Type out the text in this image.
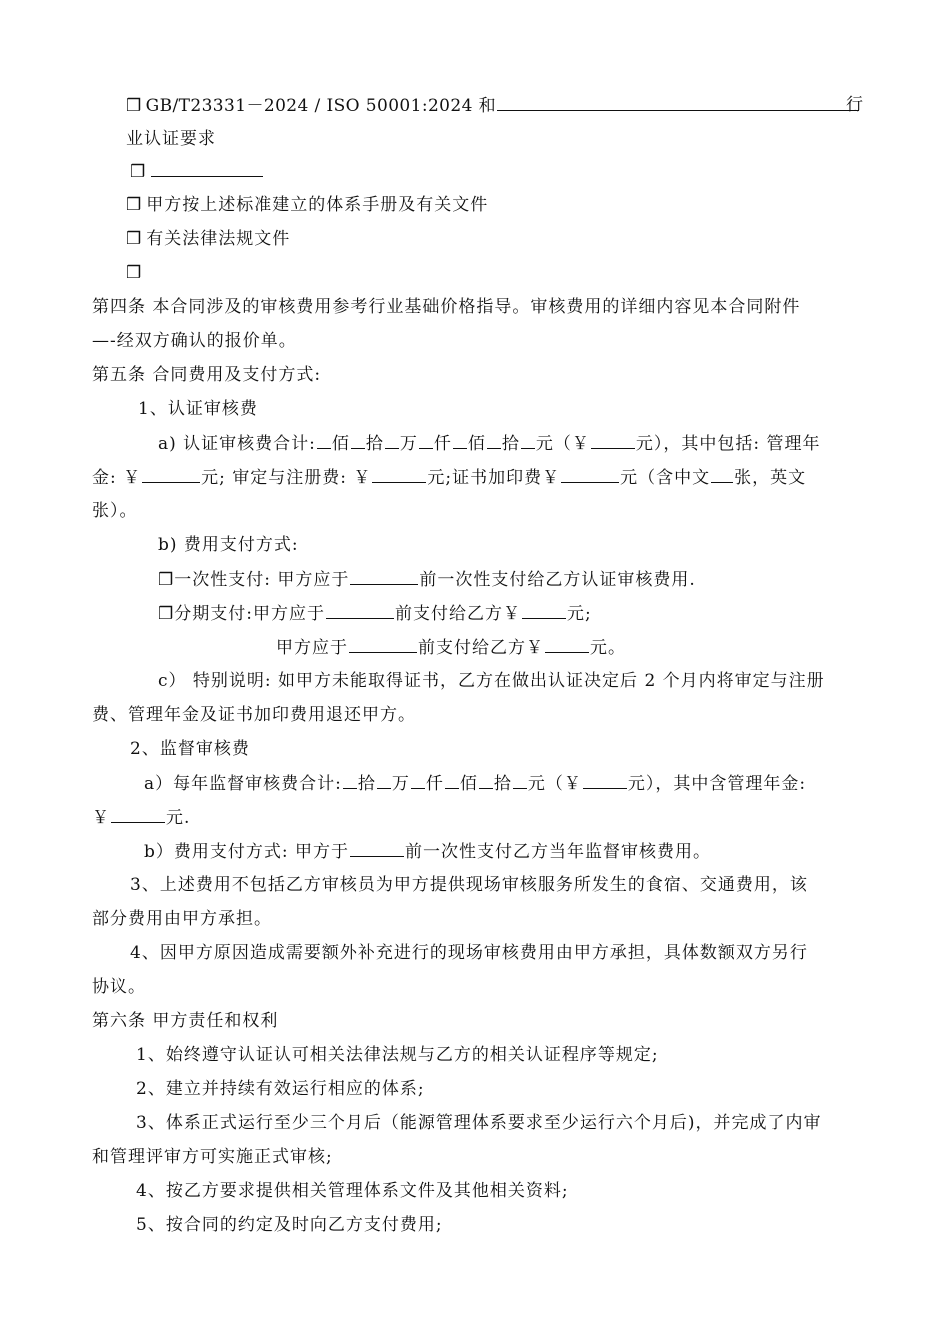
❒ GB/T23331－2024 / ISO 50001:2024 和	行
业认证要求
❒
❒ 甲方按上述标准建立的体系手册及有关文件
❒ 有关法律法规文件
❒
第四条 本合同涉及的审核费用参考行业基础价格指导。审核费用的详细内容见本合同附件
—-经双方确认的报价单。
第五条 合同费用及支付方式:
1、认证审核费
a) 认证审核费合计: 佰 拾 万 仟 佰 拾 元（￥	元），其中包括: 管理年
金: ￥	元; 审定与注册费: ￥	元;证书加印费￥	元（含中文 张，英文
张）。
b) 费用支付方式:
❒一次性支付: 甲方应于	前一次性支付给乙方认证审核费用.
❒分期支付:甲方应于	前支付给乙方￥	元;
甲方应于	前支付给乙方￥	元。
c） 特别说明: 如甲方未能取得证书，乙方在做出认证决定后 2 个月内将审定与注册
费、管理年金及证书加印费用退还甲方。
2、监督审核费
a）每年监督审核费合计: 拾 万 仟 佰 拾 元（￥	元），其中含管理年金:
￥	元.
b）费用支付方式: 甲方于	前一次性支付乙方当年监督审核费用。
3、上述费用不包括乙方审核员为甲方提供现场审核服务所发生的食宿、交通费用，该
部分费用由甲方承担。
4、因甲方原因造成需要额外补充进行的现场审核费用由甲方承担，具体数额双方另行
协议。
第六条 甲方责任和权利
1、始终遵守认证认可相关法律法规与乙方的相关认证程序等规定;
2、建立并持续有效运行相应的体系;
3、体系正式运行至少三个月后（能源管理体系要求至少运行六个月后)，并完成了内审
和管理评审方可实施正式审核;
4、按乙方要求提供相关管理体系文件及其他相关资料;
5、按合同的约定及时向乙方支付费用;
